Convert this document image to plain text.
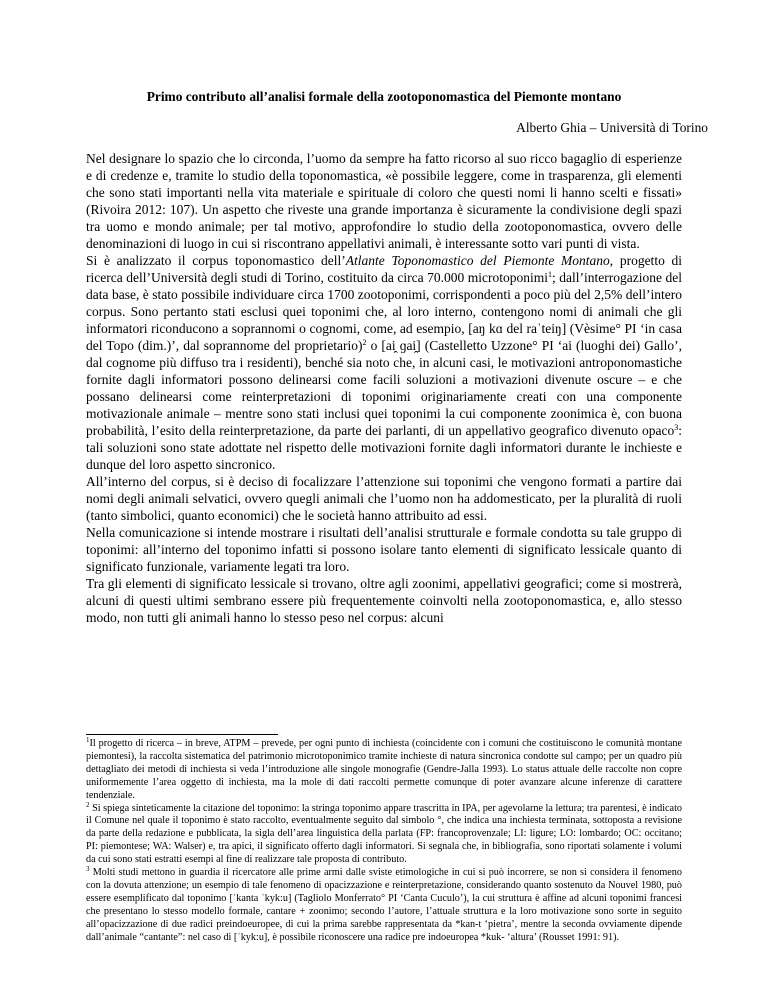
Primo contributo all’analisi formale della zootoponomastica del Piemonte montano
Alberto Ghia – Università di Torino

Nel designare lo spazio che lo circonda, l’uomo da sempre ha fatto ricorso al suo ricco bagaglio di esperienze e di credenze e, tramite lo studio della toponomastica, «è possibile leggere, come in trasparenza, gli elementi che sono stati importanti nella vita materiale e spirituale di coloro che questi nomi li hanno scelti e fissati» (Rivoira 2012: 107). Un aspetto che riveste una grande importanza è sicuramente la condivisione degli spazi tra uomo e mondo animale; per tal motivo, approfondire lo studio della zootoponomastica, ovvero delle denominazioni di luogo in cui si riscontrano appellativi animali, è interessante sotto vari punti di vista.

Si è analizzato il corpus toponomastico dell’Atlante Toponomastico del Piemonte Montano, progetto di ricerca dell’Università degli studi di Torino, costituito da circa 70.000 microtoponimi$^1$; dall’interrogazione del data base, è stato possibile individuare circa 1700 zootoponimi, corrispondenti a poco più del 2,5% dell’intero corpus. Sono pertanto stati esclusi quei toponimi che, al loro interno, contengono nomi di animali che gli informatori riconducono a soprannomi o cognomi, come, ad esempio, [aŋ kɑ del raˈteiŋ] (Vèsime° PI ‘in casa del Topo (dim.)’, dal soprannome del proprietario)$^2$ o [ai̯ ɡai̯] (Castelletto Uzzone° PI ‘ai (luoghi dei) Gallo’, dal cognome più diffuso tra i residenti), benché sia noto che, in alcuni casi, le motivazioni antroponomastiche fornite dagli informatori possono delinearsi come facili soluzioni a motivazioni divenute oscure – e che possano delinearsi come reinterpretazioni di toponimi originariamente creati con una componente motivazionale animale – mentre sono stati inclusi quei toponimi la cui componente zoonimica è, con buona probabilità, l’esito della reinterpretazione, da parte dei parlanti, di un appellativo geografico divenuto opaco$^3$: tali soluzioni sono state adottate nel rispetto delle motivazioni fornite dagli informatori durante le inchieste e dunque del loro aspetto sincronico.

All’interno del corpus, si è deciso di focalizzare l’attenzione sui toponimi che vengono formati a partire dai nomi degli animali selvatici, ovvero quegli animali che l’uomo non ha addomesticato, per la pluralità di ruoli (tanto simbolici, quanto economici) che le società hanno attribuito ad essi.

Nella comunicazione si intende mostrare i risultati dell’analisi strutturale e formale condotta su tale gruppo di toponimi: all’interno del toponimo infatti si possono isolare tanto elementi di significato lessicale quanto di significato funzionale, variamente legati tra loro.

Tra gli elementi di significato lessicale si trovano, oltre agli zoonimi, appellativi geografici; come si mostrerà, alcuni di questi ultimi sembrano essere più frequentemente coinvolti nella zootoponomastica, e, allo stesso modo, non tutti gli animali hanno lo stesso peso nel corpus: alcuni

$^1$Il progetto di ricerca – in breve, ATPM – prevede, per ogni punto di inchiesta (coincidente con i comuni che costituiscono le comunità montane piemontesi), la raccolta sistematica del patrimonio microtoponimico tramite inchieste di natura sincronica condotte sul campo; per un quadro più dettagliato dei metodi di inchiesta si veda l’introduzione alle singole monografie (Gendre-Jalla 1993). Lo status attuale delle raccolte non copre uniformemente l’area oggetto di inchiesta, ma la mole di dati raccolti permette comunque di poter avanzare alcune inferenze di carattere tendenziale.

$^2$ Si spiega sinteticamente la citazione del toponimo: la stringa toponimo appare trascritta in IPA, per agevolarne la lettura; tra parentesi, è indicato il Comune nel quale il toponimo è stato raccolto, eventualmente seguito dal simbolo °, che indica una inchiesta terminata, sottoposta a revisione da parte della redazione e pubblicata, la sigla dell’area linguistica della parlata (FP: francoprovenzale; LI: ligure; LO: lombardo; OC: occitano; PI: piemontese; WA: Walser) e, tra apici, il significato offerto dagli informatori. Si segnala che, in bibliografia, sono riportati solamente i volumi da cui sono stati estratti esempi al fine di realizzare tale proposta di contributo.

$^3$ Molti studi mettono in guardia il ricercatore alle prime armi dalle sviste etimologiche in cui si può incorrere, se non si considera il fenomeno con la dovuta attenzione; un esempio di tale fenomeno di opacizzazione e reinterpretazione, considerando quanto sostenuto da Nouvel 1980, può essere esemplificato dal toponimo [ˈkanta ˈkyk:u] (Tagliolo Monferrato° PI ‘Canta Cuculo’), la cui struttura è affine ad alcuni toponimi francesi che presentano lo stesso modello formale, cantare + zoonimo; secondo l’autore, l’attuale struttura e la loro motivazione sono sorte in seguito all’opacizzazione di due radici preindoeuropee, di cui la prima sarebbe rappresentata da *kan-t ‘pietra’, mentre la seconda ovviamente dipende dall’animale “cantante”: nel caso di [ˈkyk:u], è possibile riconoscere una radice pre indoeuropea *kuk- ‘altura’ (Rousset 1991: 91).
